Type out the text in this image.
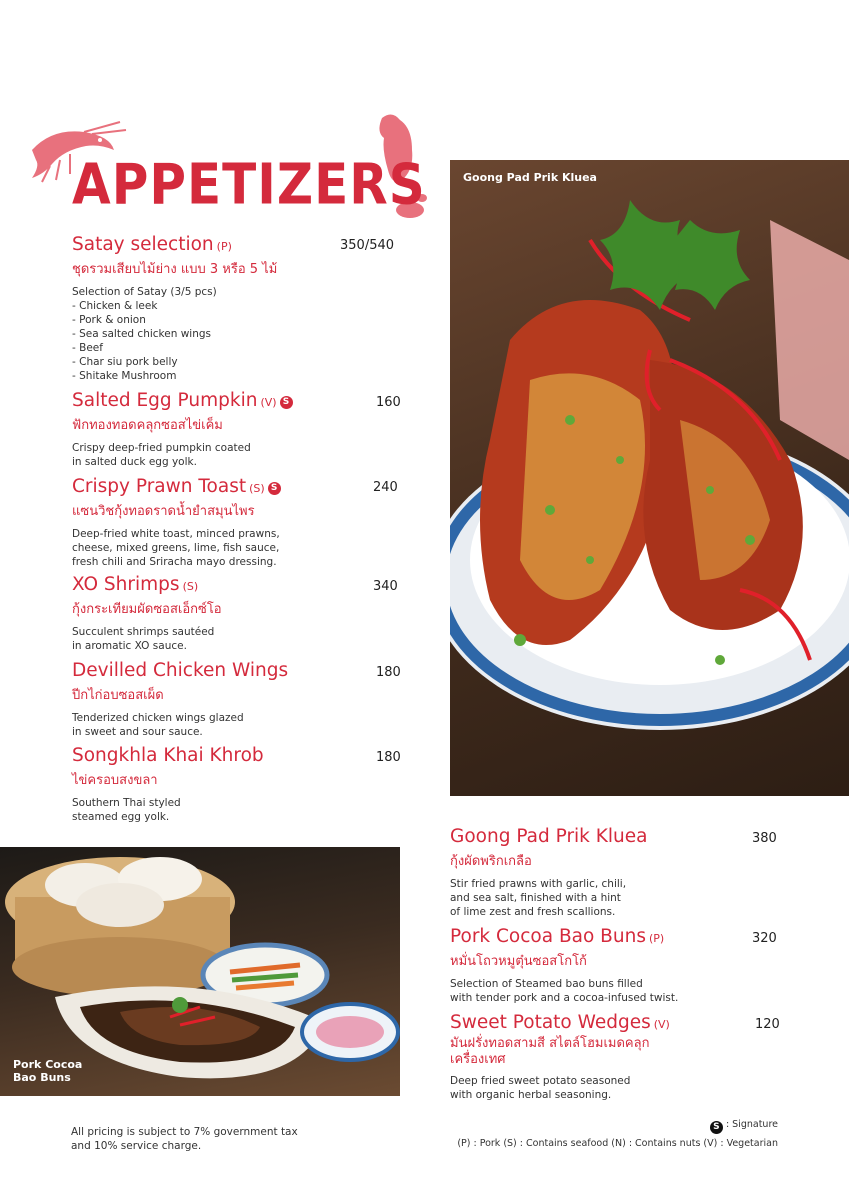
APPETIZERS
Satay selection (P)
ชุดรวมเสียบไม้ย่าง แบบ 3 หรือ 5 ไม้
Selection of Satay (3/5 pcs)
- Chicken & leek
- Pork & onion
- Sea salted chicken wings
- Beef
- Char siu pork belly
- Shitake Mushroom
350/540
Salted Egg Pumpkin (V) S
ฟักทองทอดคลุกซอสไข่เค็ม
Crispy deep-fried pumpkin coated
in salted duck egg yolk.
160
Crispy Prawn Toast (S) S
แซนวิชกุ้งทอดราดน้ำยำสมุนไพร
Deep-fried white toast, minced prawns,
cheese, mixed greens, lime, fish sauce,
fresh chili and Sriracha mayo dressing.
240
XO Shrimps (S)
กุ้งกระเทียมผัดซอสเอ็กซ์โอ
Succulent shrimps sautéed
in aromatic XO sauce.
340
Devilled Chicken Wings
ปีกไก่อบซอสเผ็ด
Tenderized chicken wings glazed
in sweet and sour sauce.
180
Songkhla Khai Khrob
ไข่ครอบสงขลา
Southern Thai styled
steamed egg yolk.
180
Goong Pad Prik Kluea
Pork Cocoa
Bao Buns
Goong Pad Prik Kluea
กุ้งผัดพริกเกลือ
Stir fried prawns with garlic, chili,
and sea salt, finished with a hint
of lime zest and fresh scallions.
380
Pork Cocoa Bao Buns (P)
หมั่นโถวหมูตุ๋นซอสโกโก้
Selection of Steamed bao buns filled
with tender pork and a cocoa-infused twist.
320
Sweet Potato Wedges (V)
มันฝรั่งทอดสามสี สไตล์โฮมเมดคลุกเครื่องเทศ
Deep fried sweet potato seasoned
with organic herbal seasoning.
120
All pricing is subject to 7% government tax
and 10% service charge.
S : Signature
(P) : Pork (S) : Contains seafood (N) : Contains nuts (V) : Vegetarian
